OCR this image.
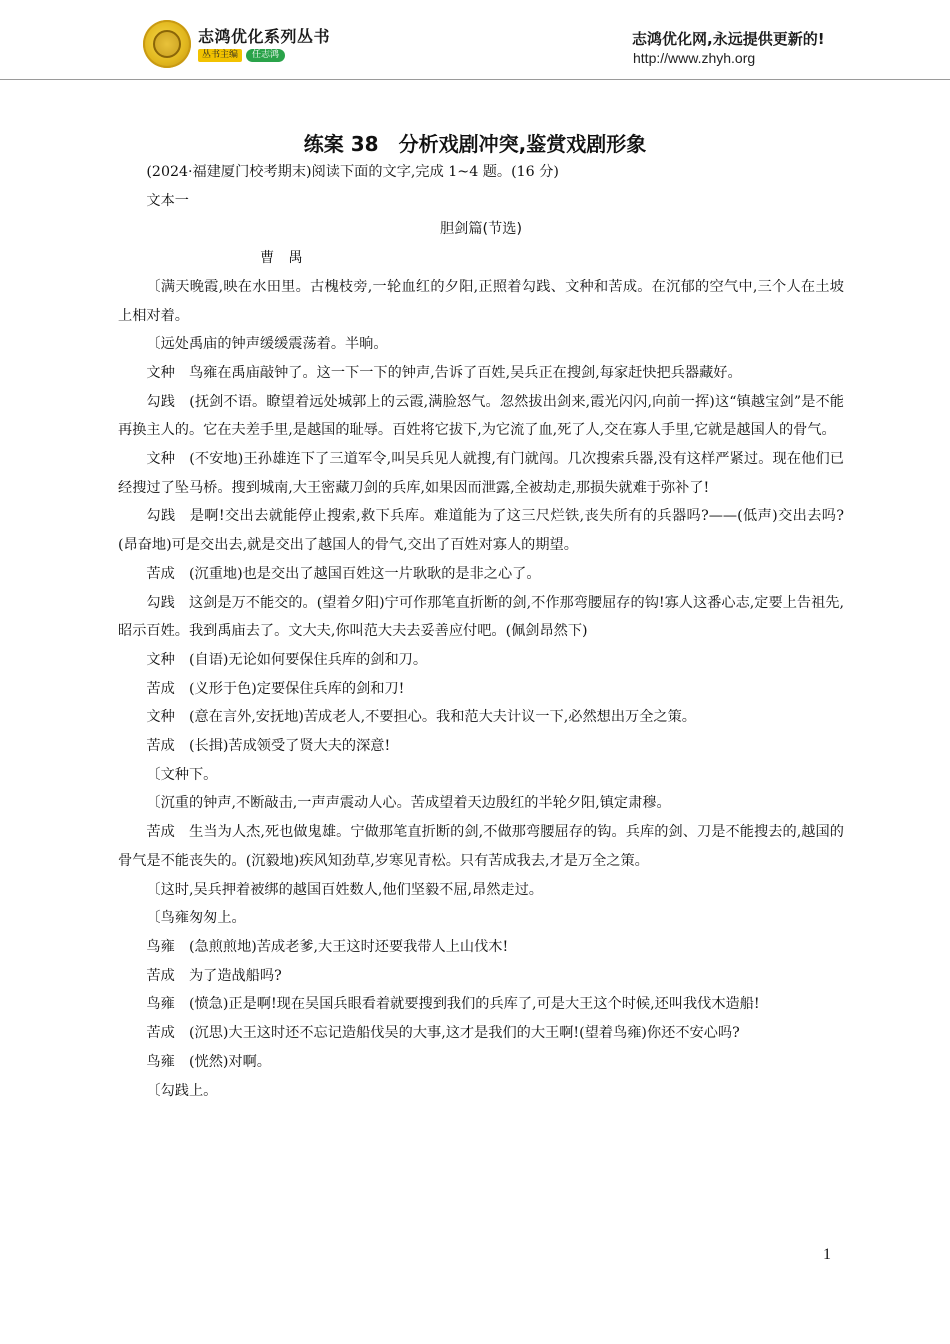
志鸿优化系列丛书
丛书主编	任志鸿
志鸿优化网,永远提供更新的!
http://www.zhyh.org
练案 38　分析戏剧冲突,鉴赏戏剧形象

(2024·福建厦门校考期末)阅读下面的文字,完成 1~4 题。(16 分)

文本一

胆剑篇(节选)

曹　禺

〔满天晚霞,映在水田里。古槐枝旁,一轮血红的夕阳,正照着勾践、文种和苦成。在沉郁的空气中,三个人在土坡上相对着。

〔远处禹庙的钟声缓缓震荡着。半晌。

文种 鸟雍在禹庙敲钟了。这一下一下的钟声,告诉了百姓,吴兵正在搜剑,每家赶快把兵器藏好。

勾践 (抚剑不语。瞭望着远处城郭上的云霞,满脸怒气。忽然拔出剑来,霞光闪闪,向前一挥)这“镇越宝剑”是不能再换主人的。它在夫差手里,是越国的耻辱。百姓将它拔下,为它流了血,死了人,交在寡人手里,它就是越国人的骨气。

文种 (不安地)王孙雄连下了三道军令,叫吴兵见人就搜,有门就闯。几次搜索兵器,没有这样严紧过。现在他们已经搜过了坠马桥。搜到城南,大王密藏刀剑的兵库,如果因而泄露,全被劫走,那损失就难于弥补了!

勾践 是啊!交出去就能停止搜索,救下兵库。难道能为了这三尺烂铁,丧失所有的兵器吗?——(低声)交出去吗?(昂奋地)可是交出去,就是交出了越国人的骨气,交出了百姓对寡人的期望。

苦成 (沉重地)也是交出了越国百姓这一片耿耿的是非之心了。

勾践 这剑是万不能交的。(望着夕阳)宁可作那笔直折断的剑,不作那弯腰屈存的钩!寡人这番心志,定要上告祖先,昭示百姓。我到禹庙去了。文大夫,你叫范大夫去妥善应付吧。(佩剑昂然下)

文种 (自语)无论如何要保住兵库的剑和刀。

苦成 (义形于色)定要保住兵库的剑和刀!

文种 (意在言外,安抚地)苦成老人,不要担心。我和范大夫计议一下,必然想出万全之策。

苦成 (长揖)苦成领受了贤大夫的深意!

〔文种下。

〔沉重的钟声,不断敲击,一声声震动人心。苦成望着天边殷红的半轮夕阳,镇定肃穆。

苦成 生当为人杰,死也做鬼雄。宁做那笔直折断的剑,不做那弯腰屈存的钩。兵库的剑、刀是不能搜去的,越国的骨气是不能丧失的。(沉毅地)疾风知劲草,岁寒见青松。只有苦成我去,才是万全之策。

〔这时,吴兵押着被绑的越国百姓数人,他们坚毅不屈,昂然走过。

〔鸟雍匆匆上。

鸟雍 (急煎煎地)苦成老爹,大王这时还要我带人上山伐木!

苦成 为了造战船吗?

鸟雍 (愤急)正是啊!现在吴国兵眼看着就要搜到我们的兵库了,可是大王这个时候,还叫我伐木造船!

苦成 (沉思)大王这时还不忘记造船伐吴的大事,这才是我们的大王啊!(望着鸟雍)你还不安心吗?

鸟雍 (恍然)对啊。

〔勾践上。

1
